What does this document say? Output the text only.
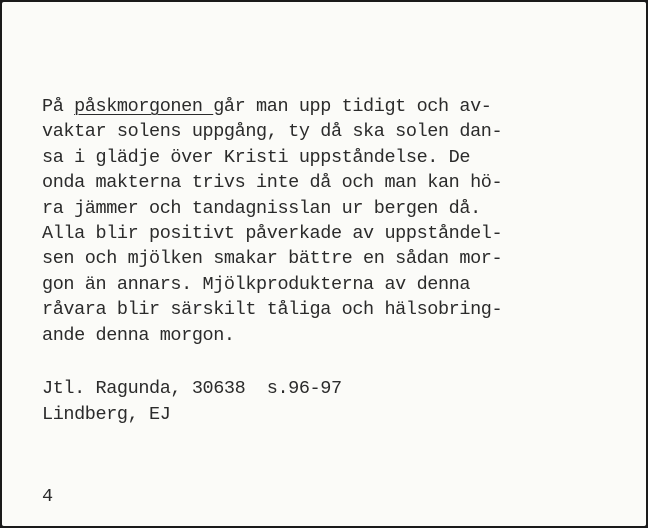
På påskmorgonen går man upp tidigt och av-
vaktar solens uppgång, ty då ska solen dan-
sa i glädje över Kristi uppståndelse. De
onda makterna trivs inte då och man kan hö-
ra jämmer och tandagnisslan ur bergen då.
Alla blir positivt påverkade av uppståndel-
sen och mjölken smakar bättre en sådan mor-
gon än annars. Mjölkprodukterna av denna
råvara blir särskilt tåliga och hälsobring-
ande denna morgon.
Jtl. Ragunda, 30638  s.96-97
Lindberg, EJ
4
